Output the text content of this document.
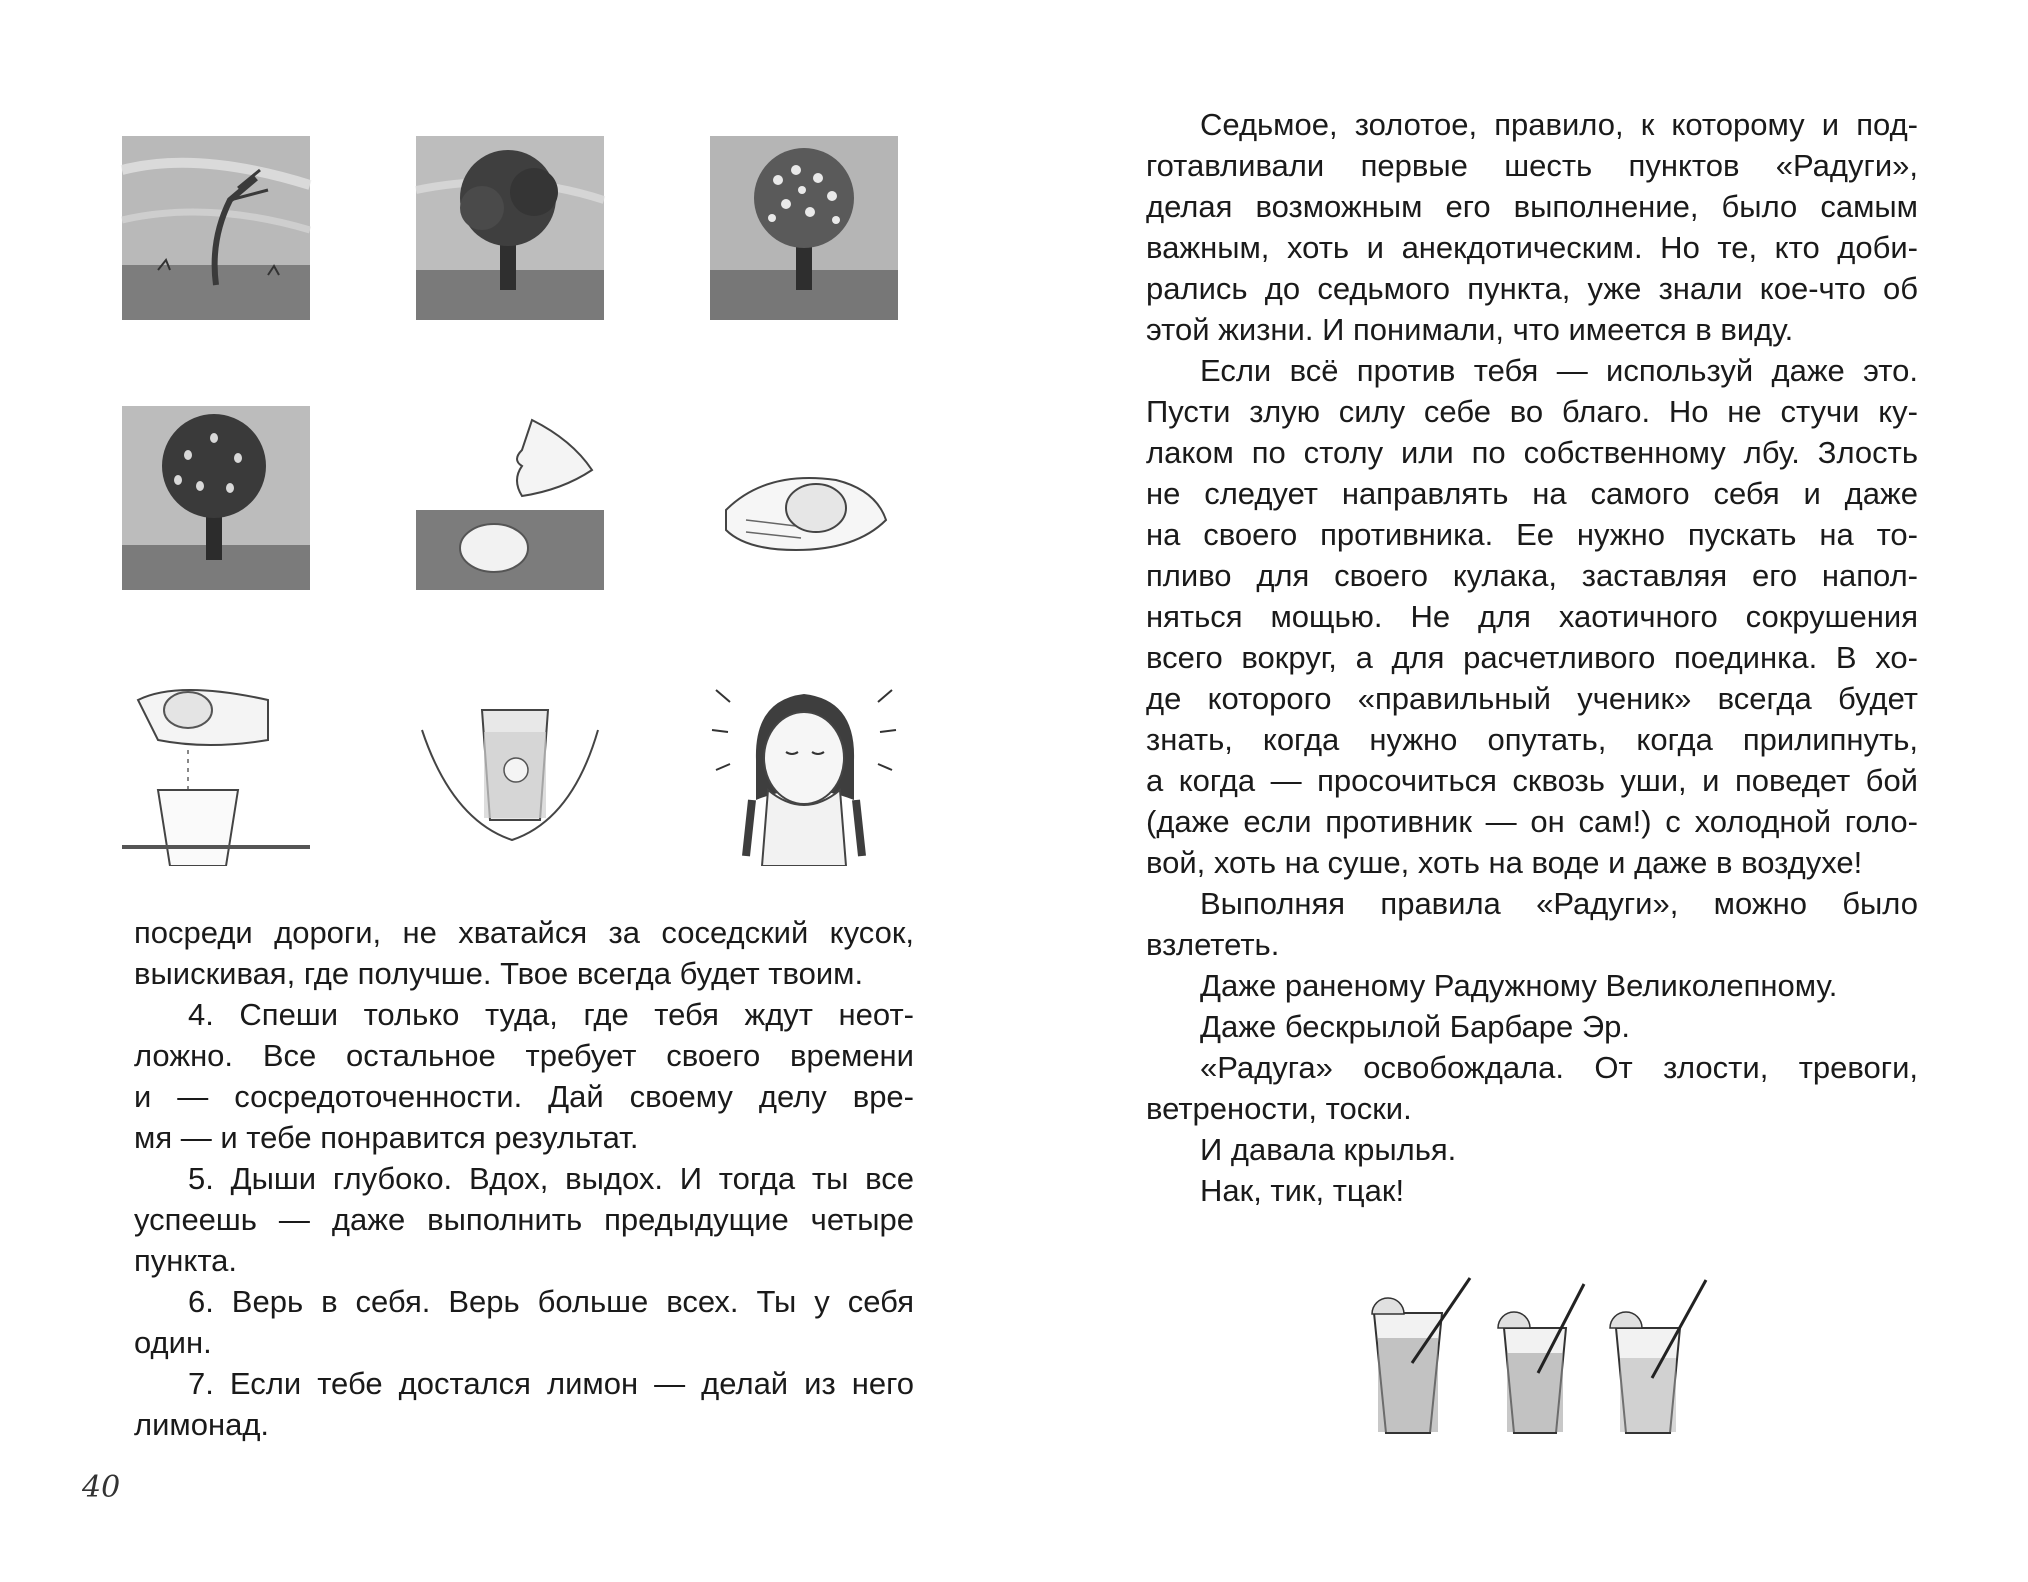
посреди дороги, не хватайся за соседский кусок,
выискивая, где получше. Твое всегда будет твоим.

4. Спеши только туда, где тебя ждут неот-
ложно. Все остальное требует своего времени
и — сосредоточенности. Дай своему делу вре-
мя — и тебе понравится результат.

5. Дыши глубоко. Вдох, выдох. И тогда ты все
успеешь — даже выполнить предыдущие четыре
пункта.

6. Верь в себя. Верь больше всех. Ты у себя
один.

7. Если тебе достался лимон — делай из него
лимонад.

Седьмое, золотое, правило, к которому и под-
готавливали первые шесть пунктов «Радуги»,
делая возможным его выполнение, было самым
важным, хоть и анекдотическим. Но те, кто доби-
рались до седьмого пункта, уже знали кое-что об
этой жизни. И понимали, что имеется в виду.

Если всё против тебя — используй даже это.
Пусти злую силу себе во благо. Но не стучи ку-
лаком по столу или по собственному лбу. Злость
не следует направлять на самого себя и даже
на своего противника. Ее нужно пускать на то-
пливо для своего кулака, заставляя его напол-
няться мощью. Не для хаотичного сокрушения
всего вокруг, а для расчетливого поединка. В хо-
де которого «правильный ученик» всегда будет
знать, когда нужно опутать, когда прилипнуть,
а когда — просочиться сквозь уши, и поведет бой
(даже если противник — он сам!) с холодной голо-
вой, хоть на суше, хоть на воде и даже в воздухе!

Выполняя правила «Радуги», можно было
взлететь.

Даже раненому Радужному Великолепному.

Даже бескрылой Барбаре Эр.

«Радуга» освобождала. От злости, тревоги,
ветрености, тоски.

И давала крылья.

Нак, тик, тцак!

40
